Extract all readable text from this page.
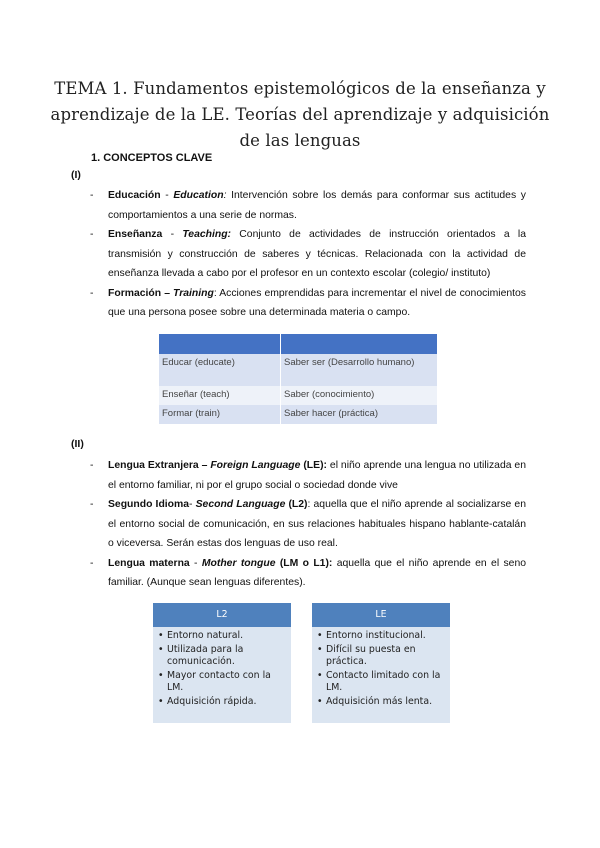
TEMA 1. Fundamentos epistemológicos de la enseñanza y aprendizaje de la LE. Teorías del aprendizaje y adquisición de las lenguas
1. CONCEPTOS CLAVE
(I)
- Educación - Education: Intervención sobre los demás para conformar sus actitudes y comportamientos a una serie de normas.
- Enseñanza - Teaching: Conjunto de actividades de instrucción orientados a la transmisión y construcción de saberes y técnicas. Relacionada con la actividad de enseñanza llevada a cabo por el profesor en un contexto escolar (colegio/ instituto)
- Formación – Training: Acciones emprendidas para incrementar el nivel de conocimientos que una persona posee sobre una determinada materia o campo.

Educar (educate)	Saber ser (Desarrollo humano)
Enseñar (teach)	Saber (conocimiento)
Formar (train)	Saber hacer (práctica)
(II)
- Lengua Extranjera – Foreign Language (LE): el niño aprende una lengua no utilizada en el entorno familiar, ni por el grupo social o sociedad donde vive
- Segundo Idioma- Second Language (L2): aquella que el niño aprende al socializarse en el entorno social de comunicación, en sus relaciones habituales hispano hablante-catalán o viceversa. Serán estas dos lenguas de uso real.
- Lengua materna - Mother tongue (LM o L1): aquella que el niño aprende en el seno familiar. (Aunque sean lenguas diferentes).
L2
• Entorno natural.
• Utilizada para la comunicación.
• Mayor contacto con la LM.
• Adquisición rápida.
LE
• Entorno institucional.
• Difícil su puesta en práctica.
• Contacto limitado con la LM.
• Adquisición más lenta.
